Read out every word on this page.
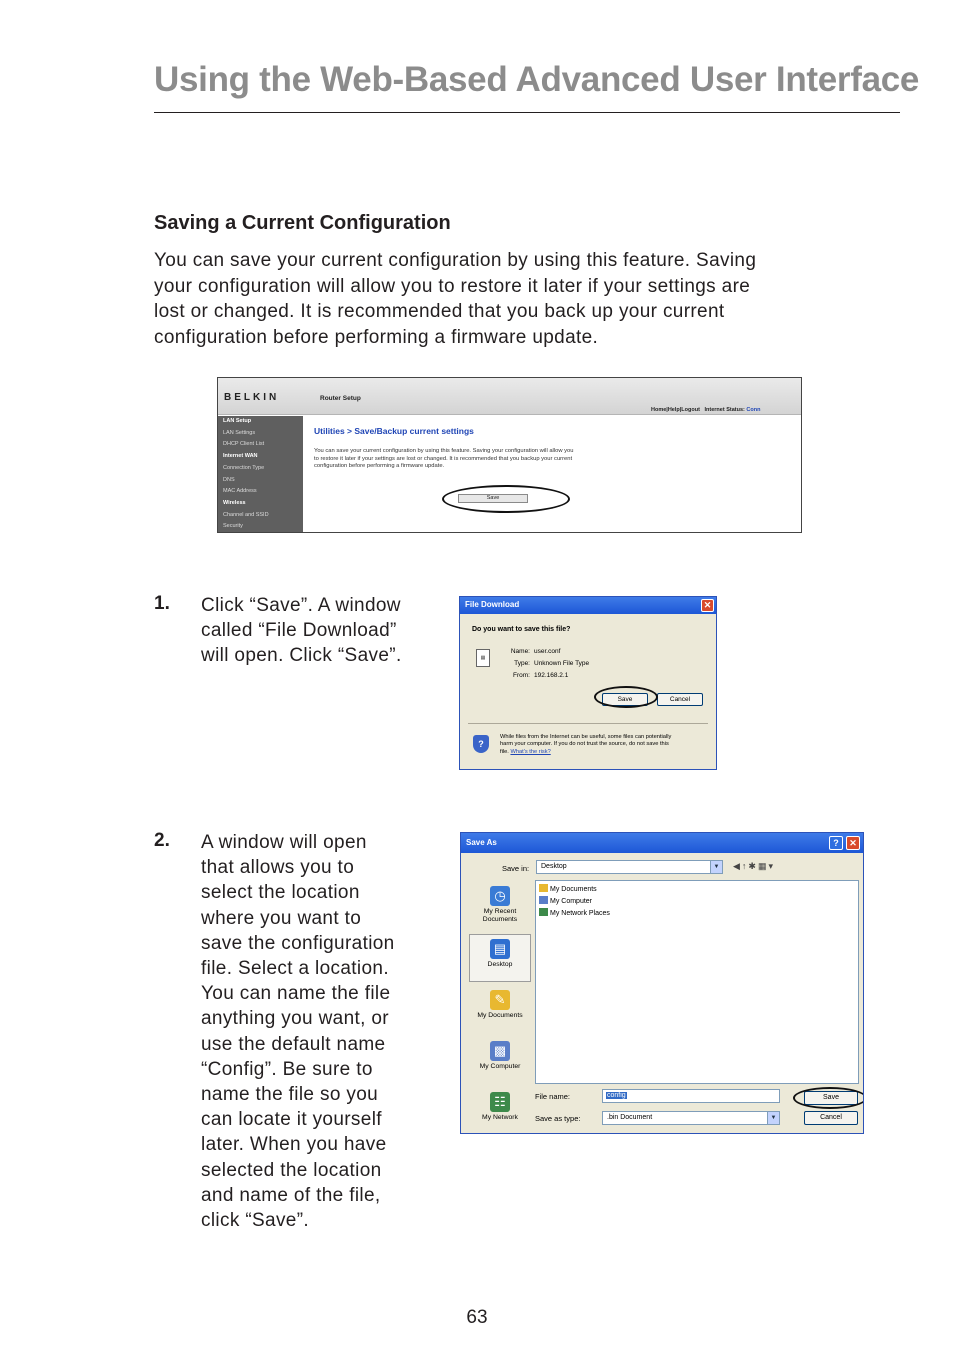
Using the Web-Based Advanced User Interface
Saving a Current Configuration
You can save your current configuration by using this feature. Saving
your configuration will allow you to restore it later if your settings are
lost or changed. It is recommended that you back up your current
configuration before performing a firmware update.
BELKIN	Router Setup
Home|Help|Logout Internet Status: Conn
LAN Setup
LAN Settings
DHCP Client List
Internet WAN
Connection Type
DNS
MAC Address
Wireless
Channel and SSID
Security
Utilities > Save/Backup current settings
You can save your current configuration by using this feature. Saving your configuration will allow you
to restore it later if your settings are lost or changed. It is recommended that you backup your current
configuration before performing a firmware update.
Save
1. Click “Save”. A window
called “File Download”
will open. Click “Save”.
File Download	✕
Do you want to save this file?
▦
Name: user.conf
Type: Unknown File Type
From: 192.168.2.1
Save	Cancel
?
While files from the Internet can be useful, some files can potentially
harm your computer. If you do not trust the source, do not save this
file. What's the risk?
2. A window will open
that allows you to
select the location
where you want to
save the configuration
file. Select a location.
You can name the file
anything you want, or
use the default name
“Config”. Be sure to
name the file so you
can locate it yourself
later. When you have
selected the location
and name of the file,
click “Save”.
Save As	?	✕
Save in:	Desktop	▼ ◀↑✱▦▾
◷
My Recent Documents
▤
Desktop
✎
My Documents
▩
My Computer
☷
My Network
My Documents
My Computer
My Network Places
File name:	config
Save as type:	.bin Document	▼
Save
Cancel
63
